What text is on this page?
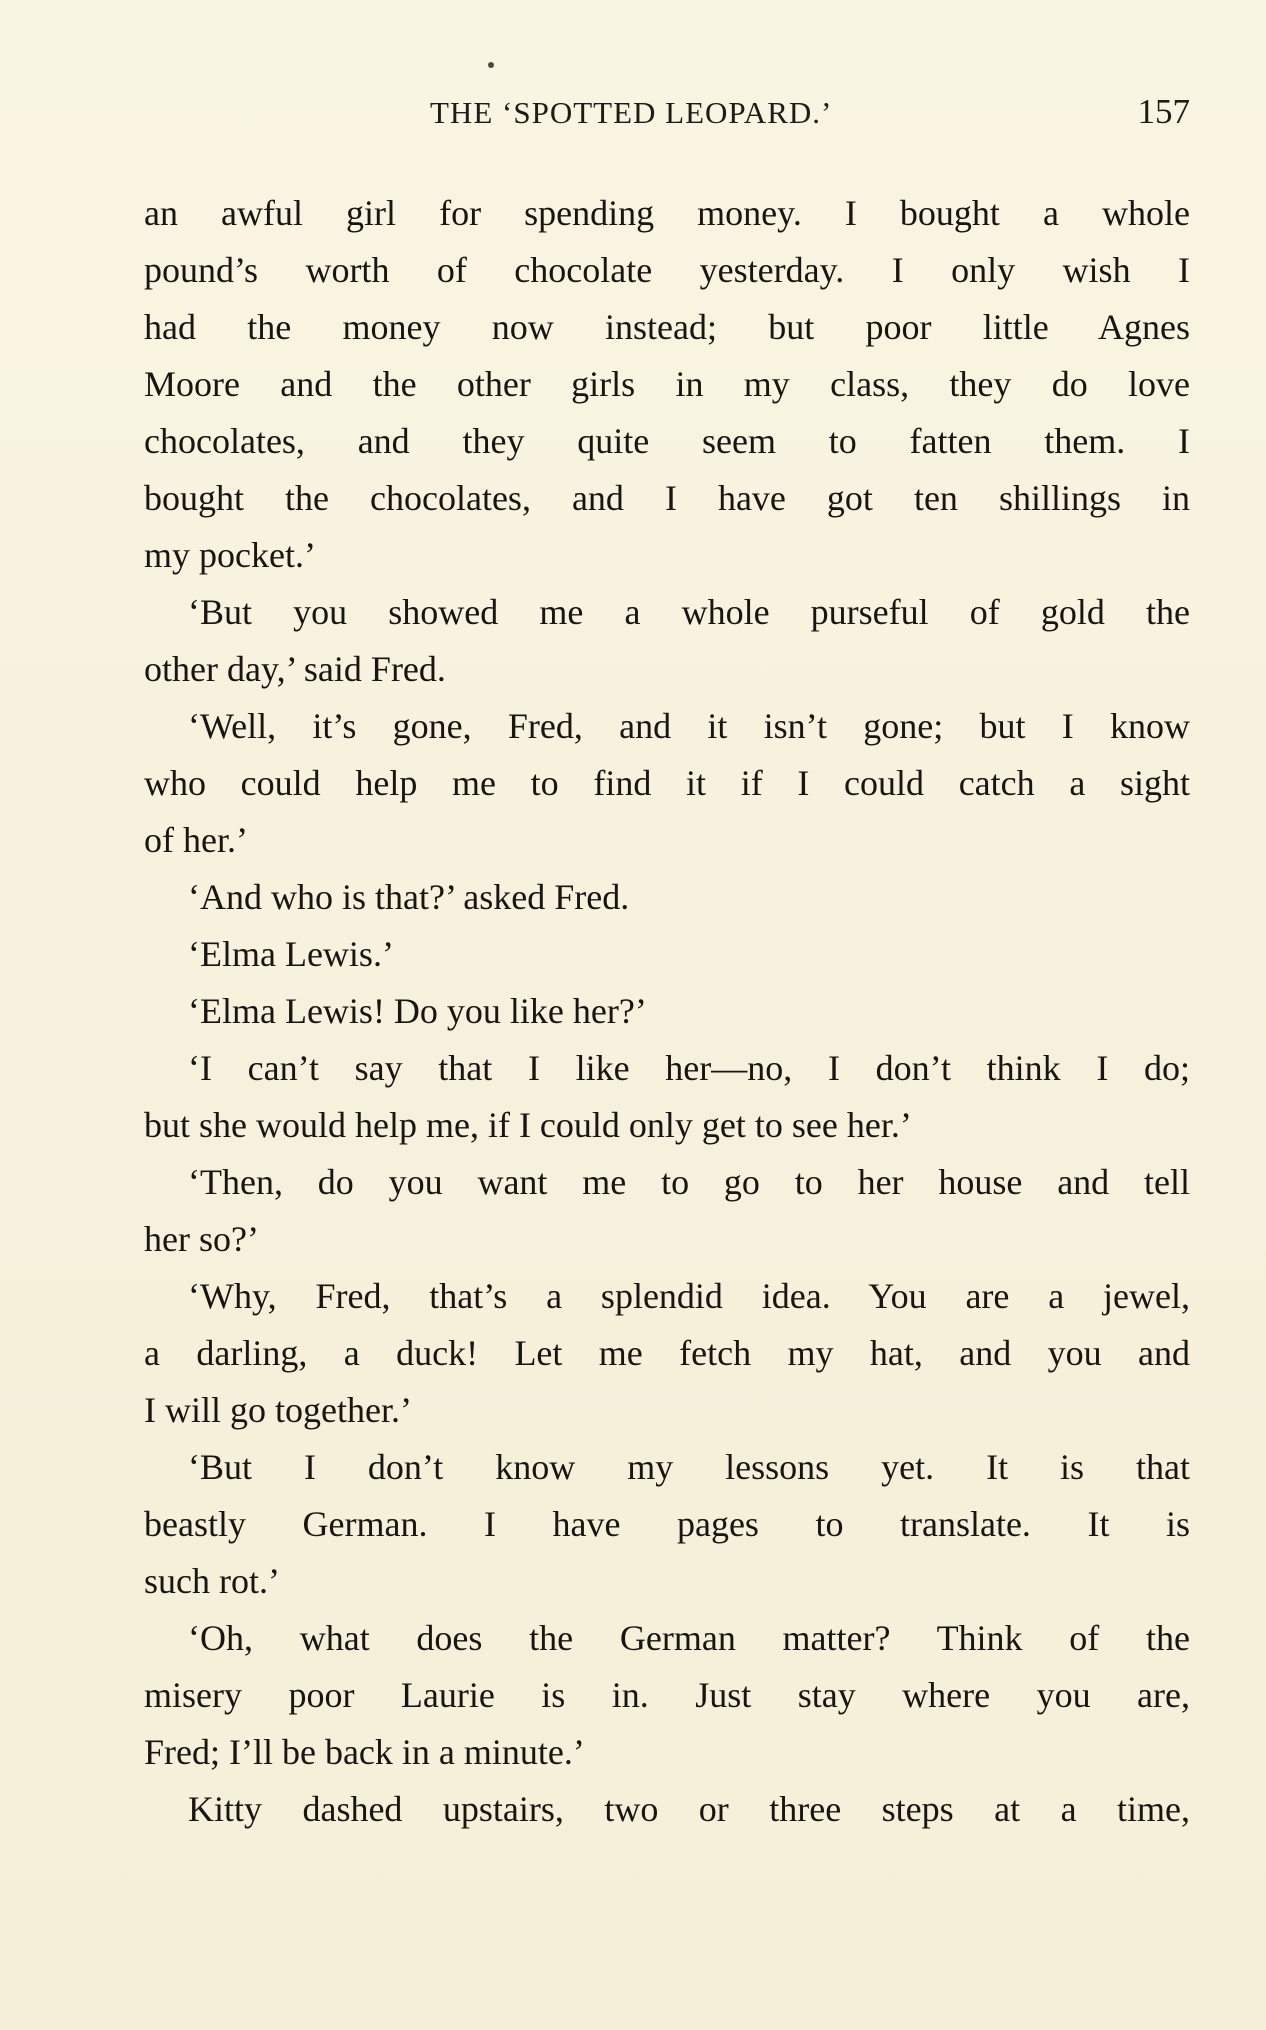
THE ‘SPOTTED LEOPARD.’	157
an awful girl for spending money. I bought a whole
pound’s worth of chocolate yesterday. I only wish I
had the money now instead; but poor little Agnes
Moore and the other girls in my class, they do love
chocolates, and they quite seem to fatten them. I
bought the chocolates, and I have got ten shillings in
my pocket.’
‘But you showed me a whole purseful of gold the
other day,’ said Fred.
‘Well, it’s gone, Fred, and it isn’t gone; but I know
who could help me to find it if I could catch a sight
of her.’
‘And who is that?’ asked Fred.
‘Elma Lewis.’
‘Elma Lewis! Do you like her?’
‘I can’t say that I like her—no, I don’t think I do;
but she would help me, if I could only get to see her.’
‘Then, do you want me to go to her house and tell
her so?’
‘Why, Fred, that’s a splendid idea. You are a jewel,
a darling, a duck! Let me fetch my hat, and you and
I will go together.’
‘But I don’t know my lessons yet. It is that
beastly German. I have pages to translate. It is
such rot.’
‘Oh, what does the German matter? Think of the
misery poor Laurie is in. Just stay where you are,
Fred; I’ll be back in a minute.’
Kitty dashed upstairs, two or three steps at a time,
